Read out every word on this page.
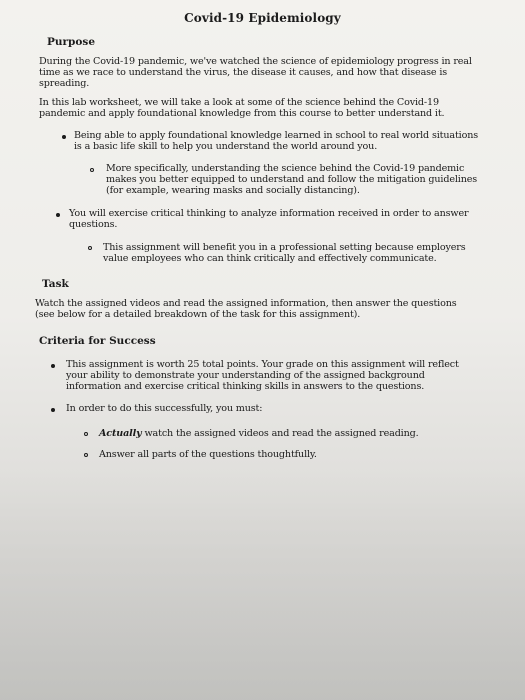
Covid-19 Epidemiology
Purpose
During the Covid-19 pandemic, we've watched the science of epidemiology progress in real
time as we race to understand the virus, the disease it causes, and how that disease is
spreading.
In this lab worksheet, we will take a look at some of the science behind the Covid-19
pandemic and apply foundational knowledge from this course to better understand it.
Being able to apply foundational knowledge learned in school to real world situations
is a basic life skill to help you understand the world around you.
More specifically, understanding the science behind the Covid-19 pandemic
makes you better equipped to understand and follow the mitigation guidelines
(for example, wearing masks and socially distancing).
You will exercise critical thinking to analyze information received in order to answer
questions.
This assignment will benefit you in a professional setting because employers
value employees who can think critically and effectively communicate.
Task
Watch the assigned videos and read the assigned information, then answer the questions
(see below for a detailed breakdown of the task for this assignment).
Criteria for Success
This assignment is worth 25 total points. Your grade on this assignment will reflect
your ability to demonstrate your understanding of the assigned background
information and exercise critical thinking skills in answers to the questions.
In order to do this successfully, you must:
Actually watch the assigned videos and read the assigned reading.
Answer all parts of the questions thoughtfully.
